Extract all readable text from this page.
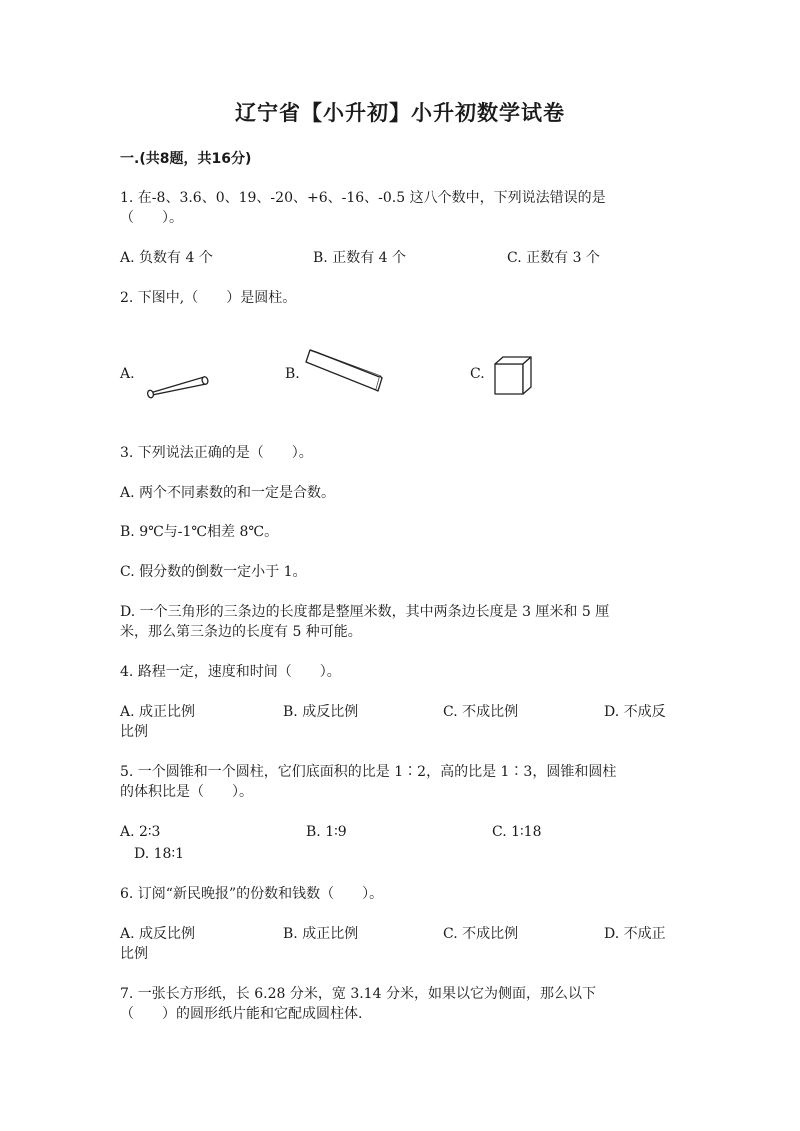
辽宁省【小升初】小升初数学试卷
一.(共8题，共16分)
1. 在-8、3.6、0、19、-20、+6、-16、-0.5 这八个数中，下列说法错误的是
（　　）。
A. 负数有 4 个	B. 正数有 4 个	C. 正数有 3 个
2. 下图中,（　　）是圆柱。
A.	B.	C.
3. 下列说法正确的是（　　）。
A. 两个不同素数的和一定是合数。
B. 9℃与-1℃相差 8℃。
C. 假分数的倒数一定小于 1。
D. 一个三角形的三条边的长度都是整厘米数，其中两条边长度是 3 厘米和 5 厘
米，那么第三条边的长度有 5 种可能。
4. 路程一定，速度和时间（　　）。
A. 成正比例	B. 成反比例	C. 不成比例	D. 不成反
比例
5. 一个圆锥和一个圆柱，它们底面积的比是 1∶2，高的比是 1∶3，圆锥和圆柱
的体积比是（　　）。
A. 2∶3	B. 1∶9	C. 1∶18
D. 18∶1
6. 订阅“新民晚报”的份数和钱数（　　）。
A. 成反比例	B. 成正比例	C. 不成比例	D. 不成正
比例
7. 一张长方形纸，长 6.28 分米，宽 3.14 分米，如果以它为侧面，那么以下
（　　）的圆形纸片能和它配成圆柱体.
